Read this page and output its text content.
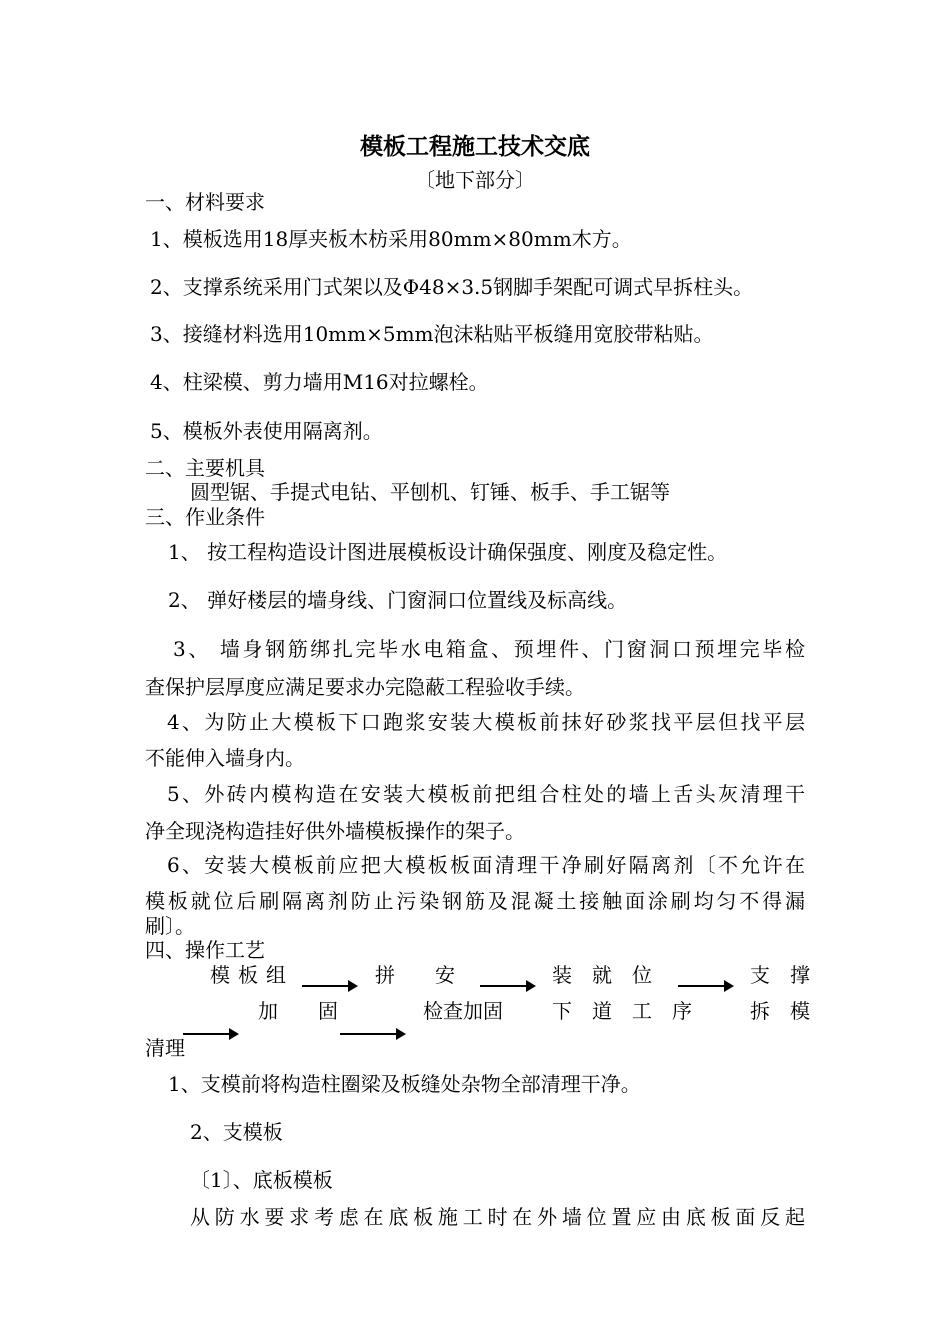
模板工程施工技术交底
〔地下部分〕
一、材料要求
1、模板选用18厚夹板木枋采用80mm×80mm木方。
2、支撑系统采用门式架以及Φ48×3.5钢脚手架配可调式早拆柱头。
3、接缝材料选用10mm×5mm泡沫粘贴平板缝用宽胶带粘贴。
4、柱梁模、剪力墙用M16对拉螺栓。
5、模板外表使用隔离剂。
二、主要机具
圆型锯、手提式电钻、平刨机、钉锤、板手、手工锯等
三、作业条件
1、 按工程构造设计图进展模板设计确保强度、刚度及稳定性。
2、 弹好楼层的墙身线、门窗洞口位置线及标高线。
3、 墙身钢筋绑扎完毕水电箱盒、预埋件、门窗洞口预埋完毕检
查保护层厚度应满足要求办完隐蔽工程验收手续。
4、为防止大模板下口跑浆安装大模板前抹好砂浆找平层但找平层
不能伸入墙身内。
5、外砖内模构造在安装大模板前把组合柱处的墙上舌头灰清理干
净全现浇构造挂好供外墙模板操作的架子。
6、安装大模板前应把大模板板面清理干净刷好隔离剂〔不允许在
模板就位后刷隔离剂防止污染钢筋及混凝土接触面涂刷均匀不得漏
刷〕。
四、操作工艺
模板组	拼　　安	装　就　位	支　撑
加　　固	检查加固 下　道　工　序	拆　模
清理
1、支模前将构造柱圈梁及板缝处杂物全部清理干净。
2、支模板
〔1〕、底板模板
从防水要求考虑在底板施工时在外墙位置应由底板面反起
